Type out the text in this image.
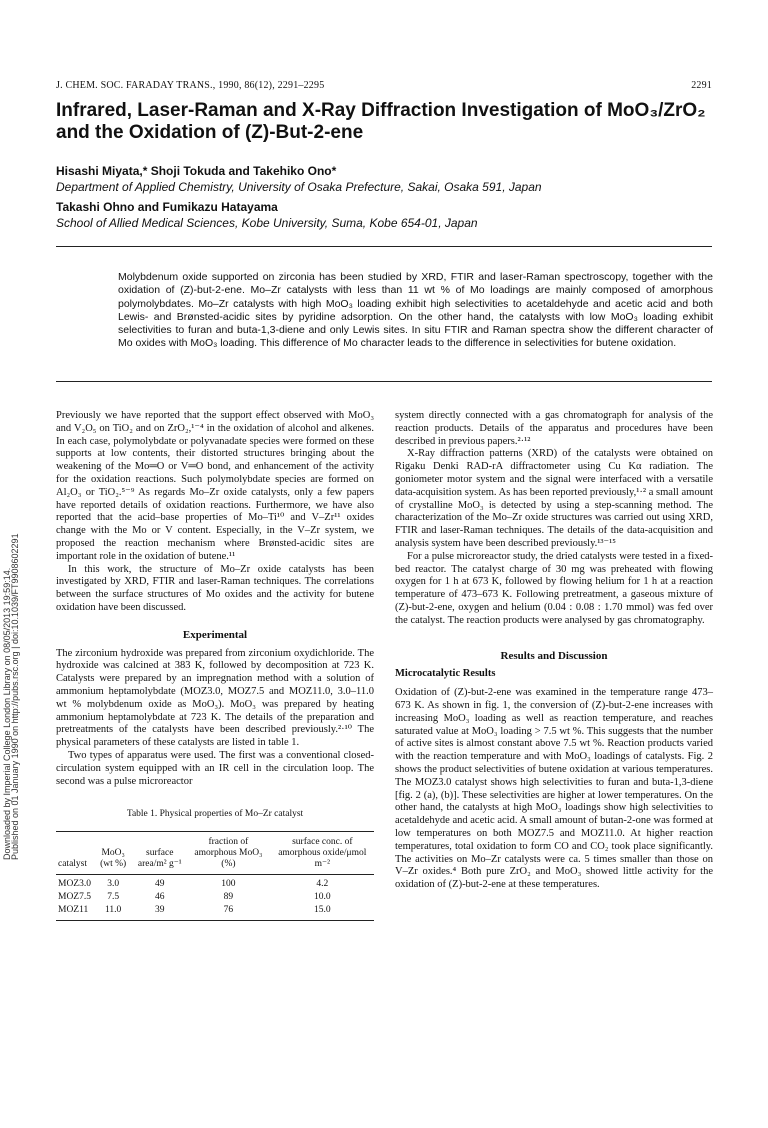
Downloaded by Imperial College London Library on 08/05/2013 19:59:14.
Published on 01 January 1990 on http://pubs.rsc.org | doi:10.1039/FT9908602291
J. CHEM. SOC. FARADAY TRANS., 1990, 86(12), 2291–2295	2291
Infrared, Laser-Raman and X-Ray Diffraction Investigation of MoO₃/ZrO₂ and the Oxidation of (Z)-But-2-ene
Hisashi Miyata,* Shoji Tokuda and Takehiko Ono*
Department of Applied Chemistry, University of Osaka Prefecture, Sakai, Osaka 591, Japan
Takashi Ohno and Fumikazu Hatayama
School of Allied Medical Sciences, Kobe University, Suma, Kobe 654-01, Japan
Molybdenum oxide supported on zirconia has been studied by XRD, FTIR and laser-Raman spectroscopy, together with the oxidation of (Z)-but-2-ene. Mo–Zr catalysts with less than 11 wt % of Mo loadings are mainly composed of amorphous polymolybdates. Mo–Zr catalysts with high MoO₃ loading exhibit high selectivities to acetaldehyde and acetic acid and both Lewis- and Brønsted-acidic sites by pyridine adsorption. On the other hand, the catalysts with low MoO₃ loading exhibit selectivities to furan and buta-1,3-diene and only Lewis sites. In situ FTIR and Raman spectra show the different character of Mo oxides with MoO₃ loading. This difference of Mo character leads to the difference in selectivities for butene oxidation.

Previously we have reported that the support effect observed with MoO₃ and V₂O₅ on TiO₂ and on ZrO₂,¹⁻⁴ in the oxidation of alcohol and alkenes. In each case, polymolybdate or polyvanadate species were formed on these supports at low contents, their distorted structures bringing about the weakening of the Mo═O or V═O bond, and enhancement of the activity for the oxidation reactions. Such polymolybdate species are formed on Al₂O₃ or TiO₂.⁵⁻⁹ As regards Mo–Zr oxide catalysts, only a few papers have reported details of oxidation reactions. Furthermore, we have also reported that the acid–base properties of Mo–Ti¹⁰ and V–Zr¹¹ oxides change with the Mo or V content. Especially, in the V–Zr system, we proposed the reaction mechanism where Brønsted-acidic sites are important role in the oxidation of butene.¹¹

In this work, the structure of Mo–Zr oxide catalysts has been investigated by XRD, FTIR and laser-Raman techniques. The correlations between the surface structures of Mo oxides and the activity for butene oxidation have been discussed.

Experimental

The zirconium hydroxide was prepared from zirconium oxydichloride. The hydroxide was calcined at 383 K, followed by decomposition at 723 K. Catalysts were prepared by an impregnation method with a solution of ammonium heptamolybdate (MOZ3.0, MOZ7.5 and MOZ11.0, 3.0–11.0 wt % molybdenum oxide as MoO₃). MoO₃ was prepared by heating ammonium heptamolybdate at 723 K. The details of the preparation and pretreatments of the catalysts have been described previously.²·¹⁰ The physical parameters of these catalysts are listed in table 1.

Two types of apparatus were used. The first was a conventional closed-circulation system equipped with an IR cell in the circulation loop. The second was a pulse microreactor

Table 1. Physical properties of Mo–Zr catalyst
catalyst	MoO₃ (wt %)	surface area/m² g⁻¹	fraction of amorphous MoO₃ (%)	surface conc. of amorphous oxide/μmol m⁻²
MOZ3.0	3.0	49	100	4.2
MOZ7.5	7.5	46	89	10.0
MOZ11	11.0	39	76	15.0

system directly connected with a gas chromatograph for analysis of the reaction products. Details of the apparatus and procedures have been described in previous papers.²·¹²

X-Ray diffraction patterns (XRD) of the catalysts were obtained on Rigaku Denki RAD-rA diffractometer using Cu Kα radiation. The goniometer motor system and the signal were interfaced with a versatile data-acquisition system. As has been reported previously,¹·² a small amount of crystalline MoO₃ is detected by using a step-scanning method. The characterization of the Mo–Zr oxide structures was carried out using XRD, FTIR and laser-Raman techniques. The details of the data-acquisition and analysis system have been described previously.¹³⁻¹⁵

For a pulse microreactor study, the dried catalysts were tested in a fixed-bed reactor. The catalyst charge of 30 mg was preheated with flowing oxygen for 1 h at 673 K, followed by flowing helium for 1 h at a reaction temperature of 473–673 K. Following pretreatment, a gaseous mixture of (Z)-but-2-ene, oxygen and helium (0.04 : 0.08 : 1.70 mmol) was fed over the catalyst. The reaction products were analysed by gas chromatography.

Results and Discussion
Microcatalytic Results

Oxidation of (Z)-but-2-ene was examined in the temperature range 473–673 K. As shown in fig. 1, the conversion of (Z)-but-2-ene increases with increasing MoO₃ loading as well as reaction temperature, and reaches saturated value at MoO₃ loading > 7.5 wt %. This suggests that the number of active sites is almost constant above 7.5 wt %. Reaction products varied with the reaction temperature and with MoO₃ loadings of catalysts. Fig. 2 shows the product selectivities of butene oxidation at various temperatures. The MOZ3.0 catalyst shows high selectivities to furan and buta-1,3-diene [fig. 2 (a), (b)]. These selectivities are higher at lower temperatures. On the other hand, the catalysts at high MoO₃ loadings show high selectivities to acetaldehyde and acetic acid. A small amount of butan-2-one was formed at low temperatures on both MOZ7.5 and MOZ11.0. At higher reaction temperatures, total oxidation to form CO and CO₂ took place significantly. The activities on Mo–Zr catalysts were ca. 5 times smaller than those on V–Zr oxides.⁴ Both pure ZrO₂ and MoO₃ showed little activity for the oxidation of (Z)-but-2-ene at these temperatures.
